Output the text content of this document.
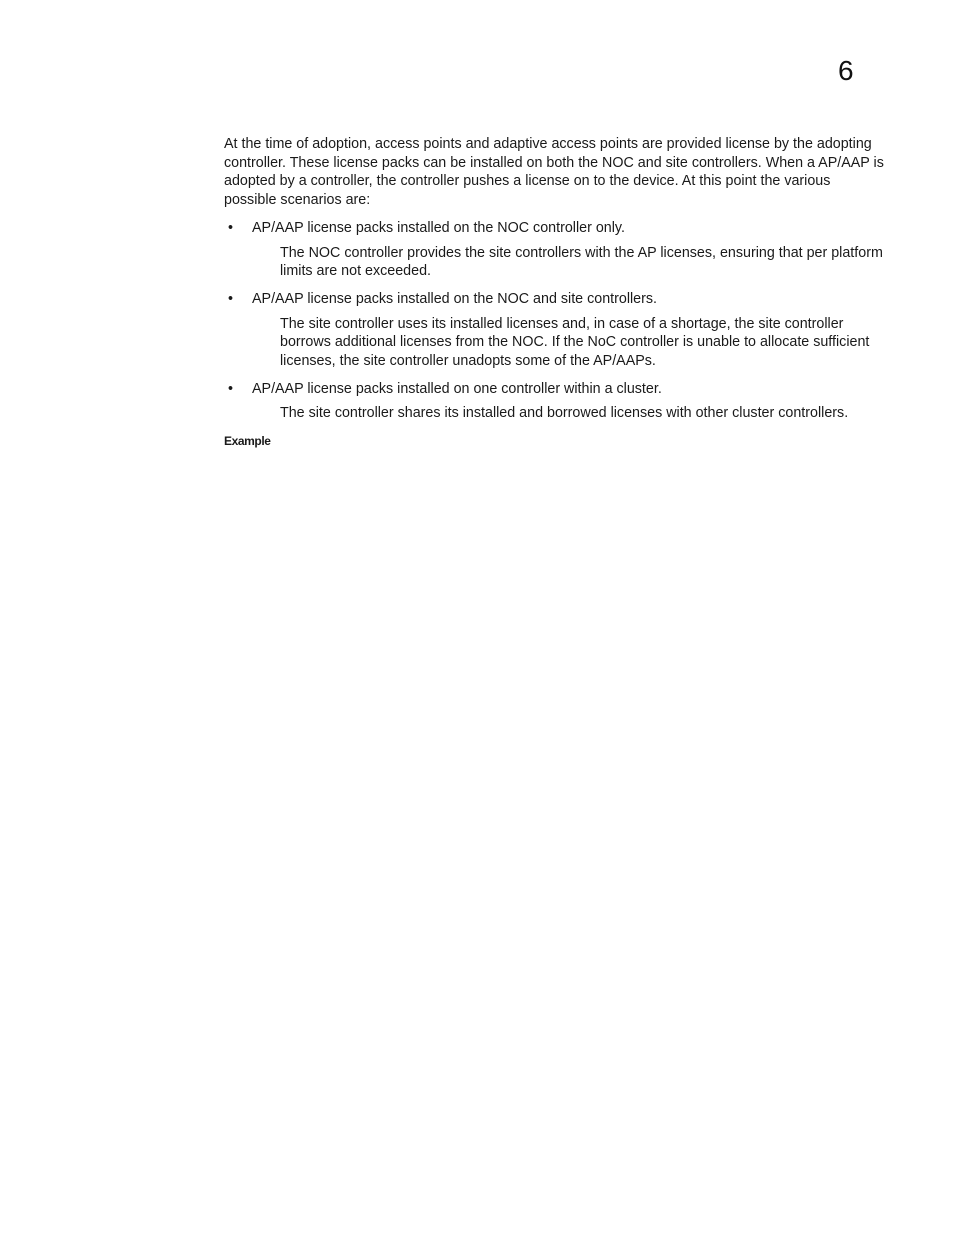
6

At the time of adoption, access points and adaptive access points are provided license by the adopting controller. These license packs can be installed on both the NOC and site controllers. When a AP/AAP is adopted by a controller, the controller pushes a license on to the device. At this point the various possible scenarios are:

•	AP/AAP license packs installed on the NOC controller only.
The NOC controller provides the site controllers with the AP licenses, ensuring that per platform limits are not exceeded.
•	AP/AAP license packs installed on the NOC and site controllers.
The site controller uses its installed licenses and, in case of a shortage, the site controller borrows additional licenses from the NOC. If the NoC controller is unable to allocate sufficient licenses, the site controller unadopts some of the AP/AAPs.
•	AP/AAP license packs installed on one controller within a cluster.
The site controller shares its installed and borrowed licenses with other cluster controllers.
Example
